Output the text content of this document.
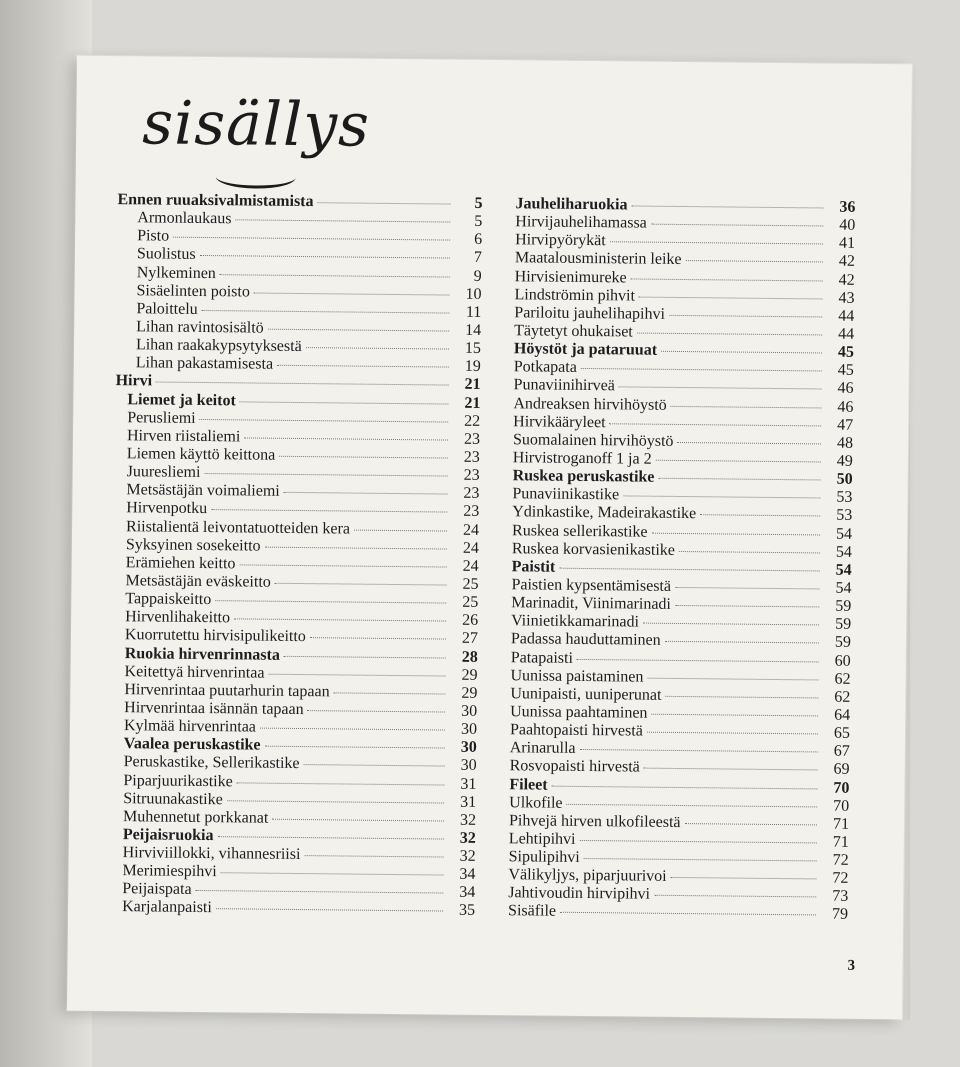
sisällys
Ennen ruuaksivalmistamista	5
Armonlaukaus	5
Pisto	6
Suolistus	7
Nylkeminen	9
Sisäelinten poisto	10
Paloittelu	11
Lihan ravintosisältö	14
Lihan raakakypsytyksestä	15
Lihan pakastamisesta	19
Hirvi	21
Liemet ja keitot	21
Perusliemi	22
Hirven riistaliemi	23
Liemen käyttö keittona	23
Juuresliemi	23
Metsästäjän voimaliemi	23
Hirvenpotku	23
Riistalientä leivontatuotteiden kera	24
Syksyinen sosekeitto	24
Erämiehen keitto	24
Metsästäjän eväskeitto	25
Tappaiskeitto	25
Hirvenlihakeitto	26
Kuorrutettu hirvisipulikeitto	27
Ruokia hirvenrinnasta	28
Keitettyä hirvenrintaa	29
Hirvenrintaa puutarhurin tapaan	29
Hirvenrintaa isännän tapaan	30
Kylmää hirvenrintaa	30
Vaalea peruskastike	30
Peruskastike, Sellerikastike	30
Piparjuurikastike	31
Sitruunakastike	31
Muhennetut porkkanat	32
Peijaisruokia	32
Hirviviillokki, vihannesriisi	32
Merimiespihvi	34
Peijaispata	34
Karjalanpaisti	35
Jauheliharuokia	36
Hirvijauhelihamassa	40
Hirvipyörykät	41
Maatalousministerin leike	42
Hirvisienimureke	42
Lindströmin pihvit	43
Pariloitu jauhelihapihvi	44
Täytetyt ohukaiset	44
Höystöt ja pataruuat	45
Potkapata	45
Punaviinihirveä	46
Andreaksen hirvihöystö	46
Hirvikääryleet	47
Suomalainen hirvihöystö	48
Hirvistroganoff 1 ja 2	49
Ruskea peruskastike	50
Punaviinikastike	53
Ydinkastike, Madeirakastike	53
Ruskea sellerikastike	54
Ruskea korvasienikastike	54
Paistit	54
Paistien kypsentämisestä	54
Marinadit, Viinimarinadi	59
Viinietikkamarinadi	59
Padassa hauduttaminen	59
Patapaisti	60
Uunissa paistaminen	62
Uunipaisti, uuniperunat	62
Uunissa paahtaminen	64
Paahtopaisti hirvestä	65
Arinarulla	67
Rosvopaisti hirvestä	69
Fileet	70
Ulkofile	70
Pihvejä hirven ulkofileestä	71
Lehtipihvi	71
Sipulipihvi	72
Välikyljys, piparjuurivoi	72
Jahtivoudin hirvipihvi	73
Sisäfile	79
3
